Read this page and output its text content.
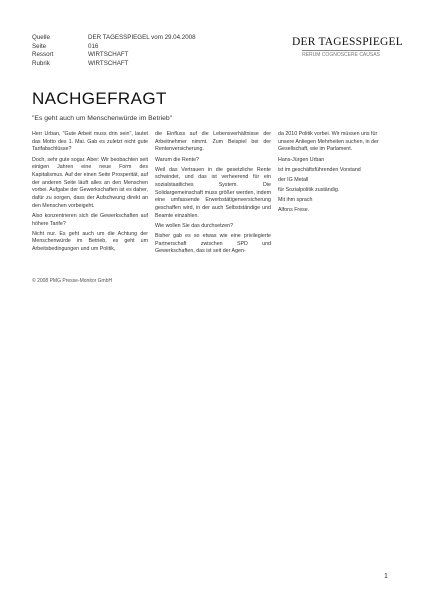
Quelle	DER TAGESSPIEGEL vom 29.04.2008
Seite	016
Ressort	WIRTSCHAFT
Rubrik	WIRTSCHAFT
DER TAGESSPIEGEL
RERUM COGNOSCERE CAUSAS
NACHGEFRAGT

"Es geht auch um Menschenwürde im Betrieb"

Herr Urban, "Gute Arbeit muss drin sein", lautet das Motto des 1. Mai. Gab es zuletzt nicht gute Tarifabschlüsse?

Doch, sehr gute sogar. Aber: Wir beobachten seit einigen Jahren eine neue Form des Kapitalismus. Auf der einen Seite Prosperität, auf der anderen Seite läuft alles an den Menschen vorbei. Aufgabe der Gewerkschaften ist es daher, dafür zu sorgen, dass der Aufschwung direkt an den Menschen vorbeigeht.

Also konzentrieren sich die Gewerkschaften auf höhere Tarife?

Nicht nur. Es geht auch um die Achtung der Menschenwürde im Betrieb, es geht um Arbeitsbedingungen und um Politik,

die Einfluss auf die Lebensverhältnisse der Arbeitnehmer nimmt. Zum Beispiel bei der Rentenversicherung.

Warum die Rente?

Weil das Vertrauen in die gesetzliche Rente schwindet, und das ist verheerend für ein sozialstaatliches System. Die Solidargemeinschaft muss größer werden, indem eine umfassende Erwerbstätigenversicherung geschaffen wird, in der auch Selbstständige und Beamte einzahlen.

Wie wollen Sie das durchsetzen?

Bisher gab es so etwas wie eine privilegierte Partnerschaft zwischen SPD und Gewerkschaften, das ist seit der Agen-

da 2010 Politik vorbei. Wir müssen uns für unsere Anliegen Mehrheiten suchen, in der Gesellschaft, wie im Parlament.

Hans-Jürgen Urban

ist im geschäftsführenden Vorstand

der IG Metall

für Sozialpolitik zuständig.

Mit ihm sprach

Alfons Frese.

© 2008 PMG Presse-Monitor GmbH
1
